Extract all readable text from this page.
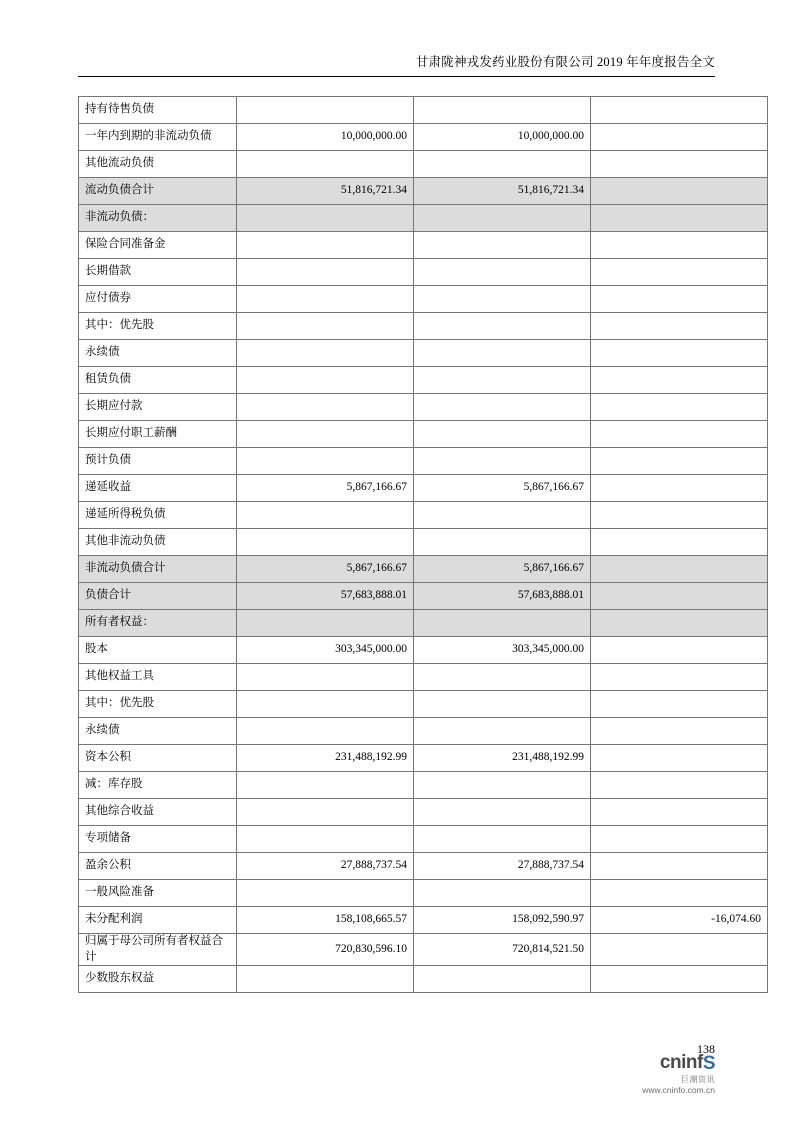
甘肃陇神戎发药业股份有限公司 2019 年年度报告全文
持有待售负债			
一年内到期的非流动负债	10,000,000.00	10,000,000.00	
其他流动负债			
流动负债合计	51,816,721.34	51,816,721.34	
非流动负债：			
保险合同准备金			
长期借款			
应付债券			
其中：优先股			
永续债			
租赁负债			
长期应付款			
长期应付职工薪酬			
预计负债			
递延收益	5,867,166.67	5,867,166.67	
递延所得税负债			
其他非流动负债			
非流动负债合计	5,867,166.67	5,867,166.67	
负债合计	57,683,888.01	57,683,888.01	
所有者权益：			
股本	303,345,000.00	303,345,000.00	
其他权益工具			
其中：优先股			
永续债			
资本公积	231,488,192.99	231,488,192.99	
减：库存股			
其他综合收益			
专项储备			
盈余公积	27,888,737.54	27,888,737.54	
一般风险准备			
未分配利润	158,108,665.57	158,092,590.97	-16,074.60
归属于母公司所有者权益合计	720,830,596.10	720,814,521.50	
少数股东权益			
138
cninfS
巨潮资讯
www.cninfo.com.cn
